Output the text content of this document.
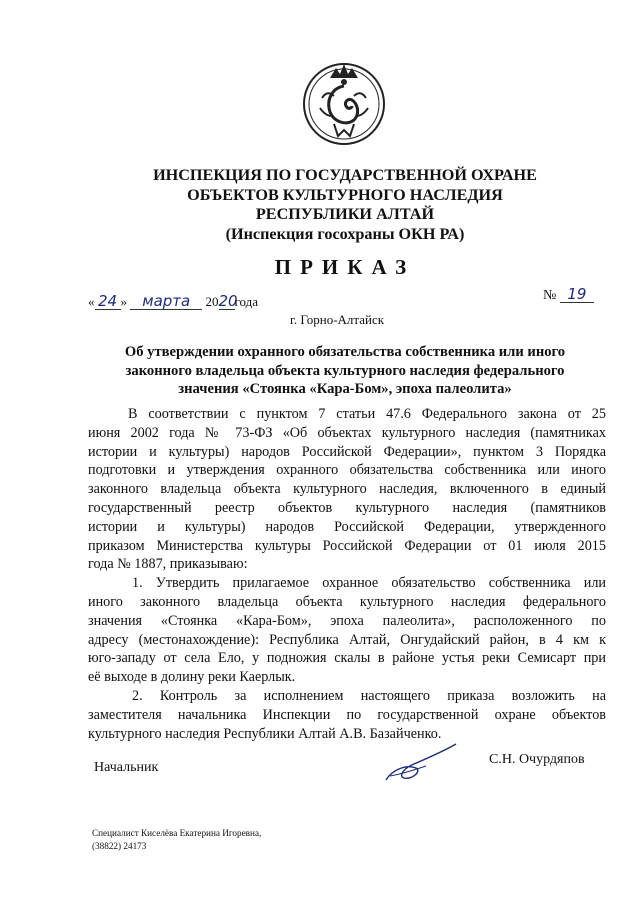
ИНСПЕКЦИЯ ПО ГОСУДАРСТВЕННОЙ ОХРАНЕ
ОБЪЕКТОВ КУЛЬТУРНОГО НАСЛЕДИЯ
РЕСПУБЛИКИ АЛТАЙ
(Инспекция госохраны ОКН РА)
ПРИКАЗ
« 24 » марта 2020года	№ 19
г. Горно-Алтайск
Об утверждении охранного обязательства собственника или иного
законного владельца объекта культурного наследия федерального
значения «Стоянка «Кара-Бом», эпоха палеолита»
В соответствии с пунктом 7 статьи 47.6 Федерального закона от 25
июня 2002 года № 73-ФЗ «Об объектах культурного наследия (памятниках
истории и культуры) народов Российской Федерации», пунктом 3 Порядка
подготовки и утверждения охранного обязательства собственника или иного
законного владельца объекта культурного наследия, включенного в единый
государственный реестр объектов культурного наследия (памятников
истории и культуры) народов Российской Федерации, утвержденного
приказом Министерства культуры Российской Федерации от 01 июля 2015
года № 1887, приказываю:
1. Утвердить прилагаемое охранное обязательство собственника или
иного законного владельца объекта культурного наследия федерального
значения «Стоянка «Кара-Бом», эпоха палеолита», расположенного по
адресу (местонахождение): Республика Алтай, Онгудайский район, в 4 км к
юго-западу от села Ело, у подножия скалы в районе устья реки Семисарт при
её выходе в долину реки Каерлык.
2. Контроль за исполнением настоящего приказа возложить на
заместителя начальника Инспекции по государственной охране объектов
культурного наследия Республики Алтай А.В. Базайченко.
Начальник
С.Н. Очурдяпов
Специалист Киселёва Екатерина Игоревна,
(38822) 24173
